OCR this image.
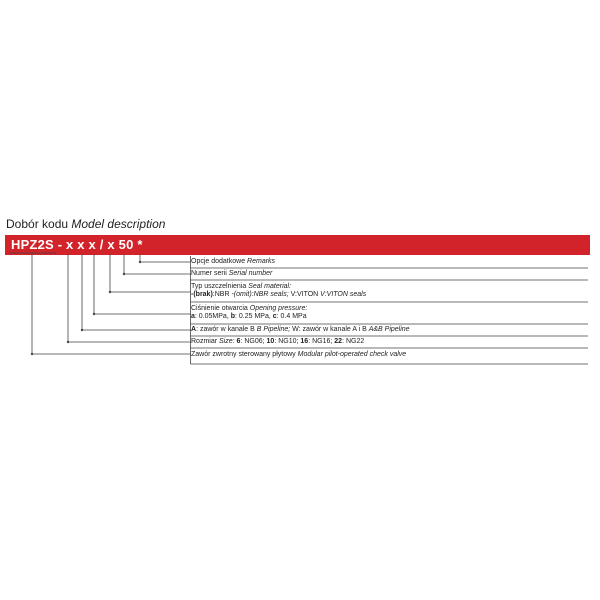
Dobór kodu Model description
HPZ2S - x x x / x 50 *
Opcje dodatkowe Remarks
Numer serii Serial number
Typ uszczelnienia Seal material:
-(brak):NBR -(omit):NBR seals; V:VITON V:VITON seals
Ciśnienie otwarcia Opening pressure:
a: 0.05MPa, b: 0.25 MPa, c: 0.4 MPa
A: zawór w kanale B B Pipeline; W: zawór w kanale A i B A&B Pipeline
Rozmiar Size: 6: NG06; 10: NG10; 16: NG16; 22: NG22
Zawór zwrotny sterowany płytowy Modular pilot-operated check valve
